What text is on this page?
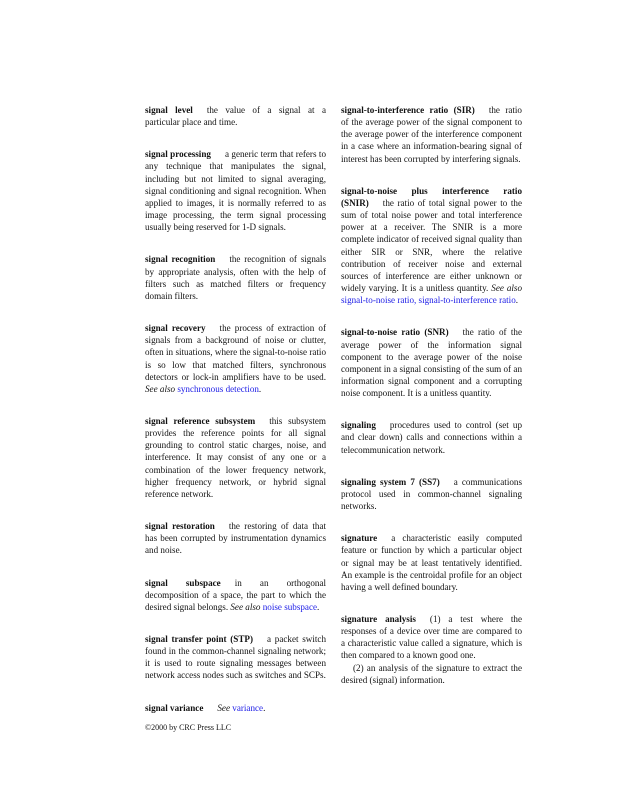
signal level the value of a signal at a particular place and time.
signal processing a generic term that refers to any technique that manipulates the signal, including but not limited to signal averaging, signal conditioning and signal recognition. When applied to images, it is normally referred to as image processing, the term signal processing usually being reserved for 1-D signals.
signal recognition the recognition of signals by appropriate analysis, often with the help of filters such as matched filters or frequency domain filters.
signal recovery the process of extraction of signals from a background of noise or clutter, often in situations, where the signal-to-noise ratio is so low that matched filters, synchronous detectors or lock-in amplifiers have to be used. See also synchronous detection.
signal reference subsystem this subsystem provides the reference points for all signal grounding to control static charges, noise, and interference. It may consist of any one or a combination of the lower frequency network, higher frequency network, or hybrid signal reference network.
signal restoration the restoring of data that has been corrupted by instrumentation dynamics and noise.
signal subspace in an orthogonal decomposition of a space, the part to which the desired signal belongs. See also noise subspace.
signal transfer point (STP) a packet switch found in the common-channel signaling network; it is used to route signaling messages between network access nodes such as switches and SCPs.
signal variance See variance.
signal-to-interference ratio (SIR) the ratio of the average power of the signal component to the average power of the interference component in a case where an information-bearing signal of interest has been corrupted by interfering signals.
signal-to-noise plus interference ratio (SNIR) the ratio of total signal power to the sum of total noise power and total interference power at a receiver. The SNIR is a more complete indicator of received signal quality than either SIR or SNR, where the relative contribution of receiver noise and external sources of interference are either unknown or widely varying. It is a unitless quantity. See also signal-to-noise ratio, signal-to-interference ratio.
signal-to-noise ratio (SNR) the ratio of the average power of the information signal component to the average power of the noise component in a signal consisting of the sum of an information signal component and a corrupting noise component. It is a unitless quantity.
signaling procedures used to control (set up and clear down) calls and connections within a telecommunication network.
signaling system 7 (SS7) a communications protocol used in common-channel signaling networks.
signature a characteristic easily computed feature or function by which a particular object or signal may be at least tentatively identified. An example is the centroidal profile for an object having a well defined boundary.
signature analysis (1) a test where the responses of a device over time are compared to a characteristic value called a signature, which is then compared to a known good one.
(2) an analysis of the signature to extract the desired (signal) information.
©2000 by CRC Press LLC
